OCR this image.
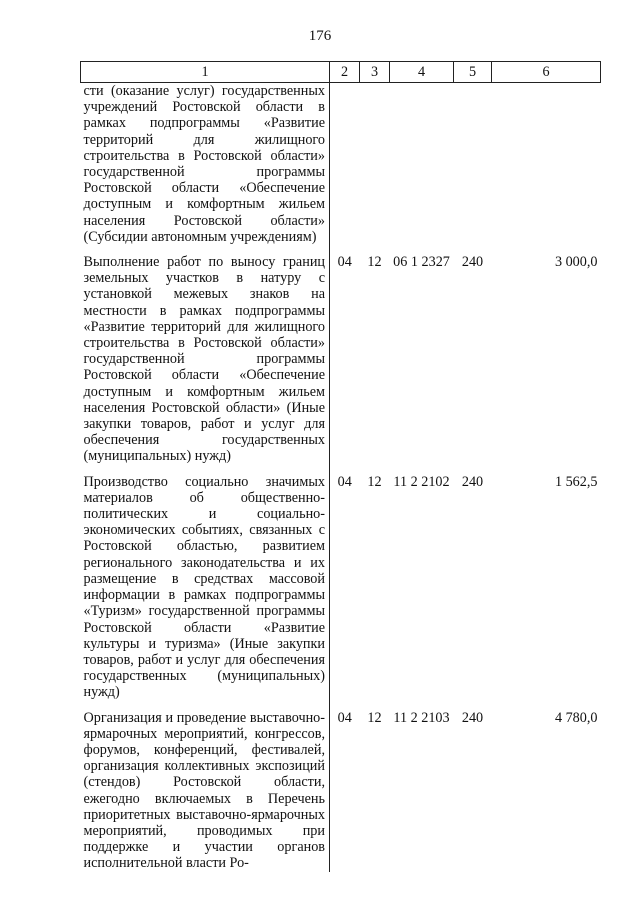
176
1	2	3	4	5	6
сти (оказание услуг) государственных учреждений Ростовской области в рамках подпрограммы «Развитие территорий для жилищного строительства в Ростовской области» государственной программы Ростовской области «Обеспечение доступным и комфортным жильем населения Ростовской области» (Субсидии автономным учреждениям)					
Выполнение работ по выносу границ земельных участков в натуру с установкой межевых знаков на местности в рамках подпрограммы «Развитие территорий для жилищного строительства в Ростовской области» государственной программы Ростовской области «Обеспечение доступным и комфортным жильем населения Ростовской области» (Иные закупки товаров, работ и услуг для обеспечения государственных (муниципальных) нужд)	04	12	06 1 2327	240	3 000,0
Производство социально значимых материалов об общественно-политических и социально-экономических событиях, связанных с Ростовской областью, развитием регионального законодательства и их размещение в средствах массовой информации в рамках подпрограммы «Туризм» государственной программы Ростовской области «Развитие культуры и туризма» (Иные закупки товаров, работ и услуг для обеспечения государственных (муниципальных) нужд)	04	12	11 2 2102	240	1 562,5
Организация и проведение выставочно-ярмарочных мероприятий, конгрессов, форумов, конференций, фестивалей, организация коллективных экспозиций (стендов) Ростовской области, ежегодно включаемых в Перечень приоритетных выставочно-ярмарочных мероприятий, проводимых при поддержке и участии органов исполнительной власти Ро-	04	12	11 2 2103	240	4 780,0
